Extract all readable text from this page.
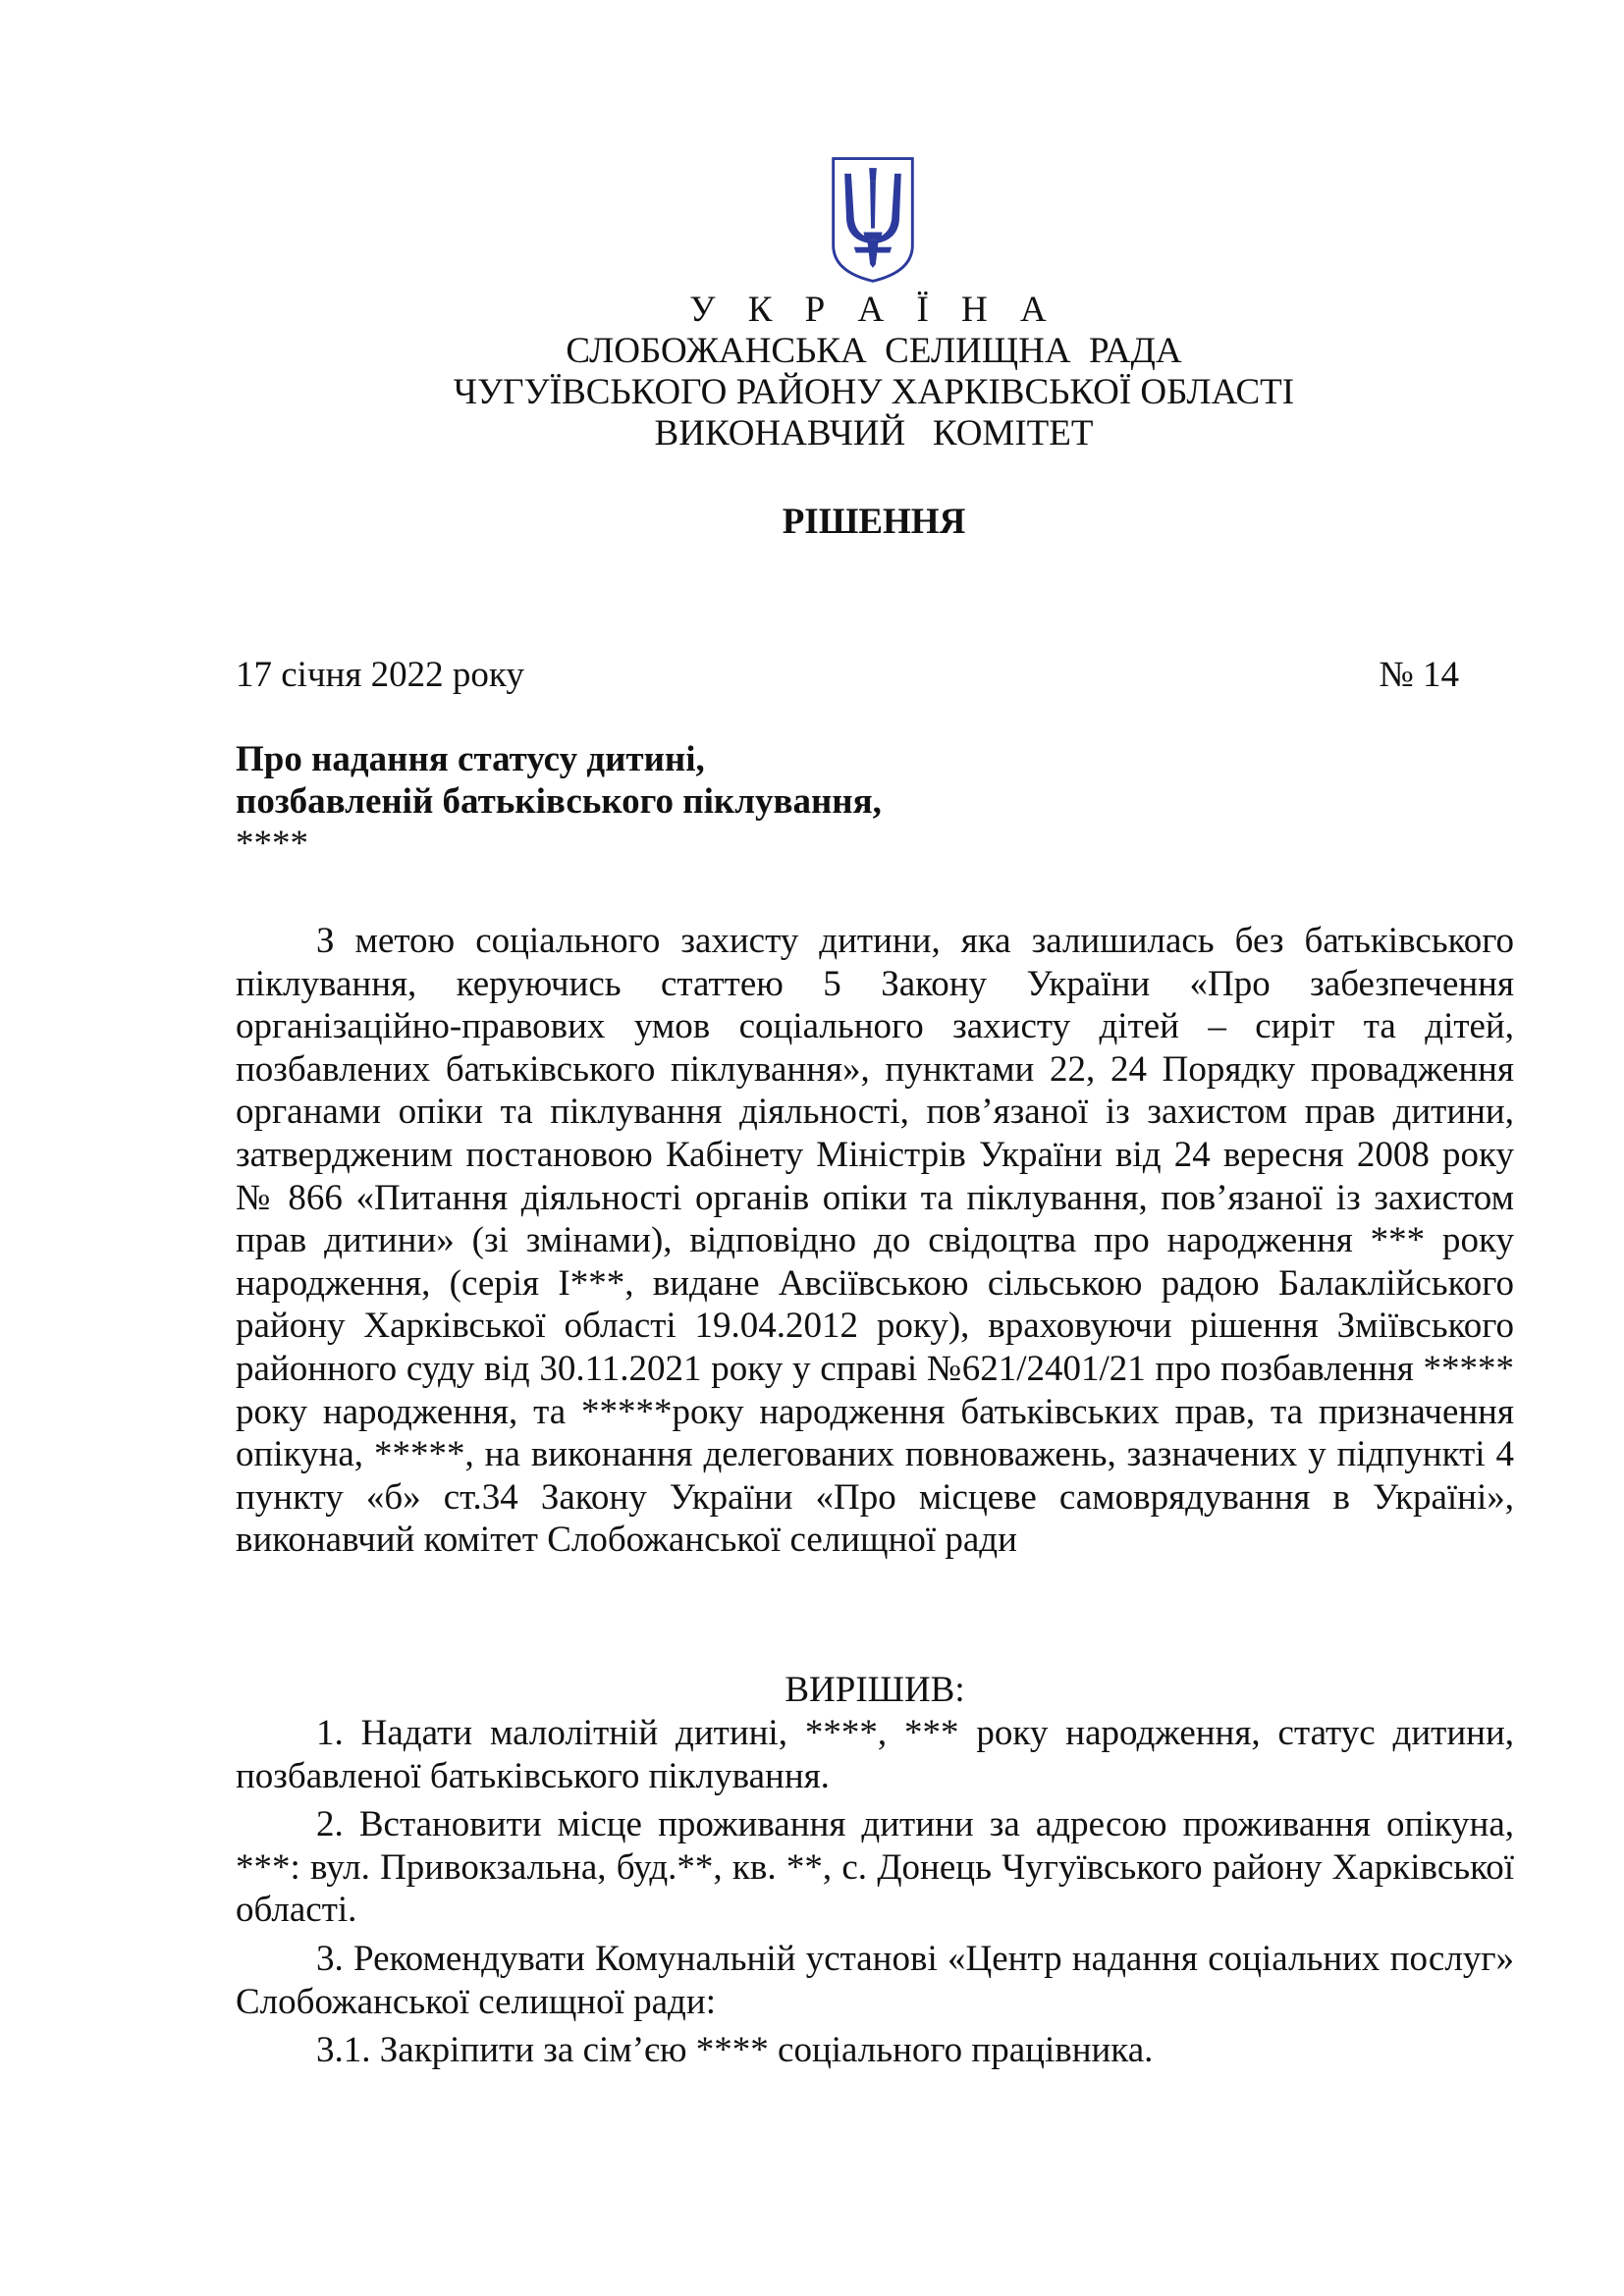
У К Р А Ї Н А
СЛОБОЖАНСЬКА  СЕЛИЩНА  РАДА
ЧУГУЇВСЬКОГО РАЙОНУ ХАРКІВСЬКОЇ ОБЛАСТІ
ВИКОНАВЧИЙ   КОМІТЕТ
РІШЕННЯ
17 січня 2022 року	№ 14
Про надання статусу дитині,
позбавленій батьківського піклування,
****

З метою соціального захисту дитини, яка залишилась без батьківського піклування, керуючись статтею 5 Закону України «Про забезпечення організаційно-правових умов соціального захисту дітей – сиріт та дітей, позбавлених батьківського піклування», пунктами 22, 24 Порядку провадження органами опіки та піклування діяльності, пов’язаної із захистом прав дитини, затвердженим постановою Кабінету Міністрів України від 24 вересня 2008 року № 866 «Питання діяльності органів опіки та піклування, пов’язаної із захистом прав дитини» (зі змінами), відповідно до свідоцтва про народження *** року народження, (серія І***, видане Авсіївською сільською радою Балаклійського району Харківської області 19.04.2012 року), враховуючи рішення Зміївського районного суду від 30.11.2021 року у справі №621/2401/21 про позбавлення ***** року народження, та *****року народження батьківських прав, та призначення опікуна, *****, на виконання делегованих повноважень, зазначених у підпункті 4 пункту «б» ст.34 Закону України «Про місцеве самоврядування в Україні», виконавчий комітет Слобожанської селищної ради

ВИРІШИВ:

1. Надати малолітній дитині, ****, *** року народження, статус дитини, позбавленої батьківського піклування.

2. Встановити місце проживання дитини за адресою проживання опікуна, ***: вул. Привокзальна, буд.**, кв. **, с. Донець Чугуївського району Харківської області.

3. Рекомендувати Комунальній установі «Центр надання соціальних послуг» Слобожанської селищної ради:

3.1. Закріпити за сім’єю **** соціального працівника.
